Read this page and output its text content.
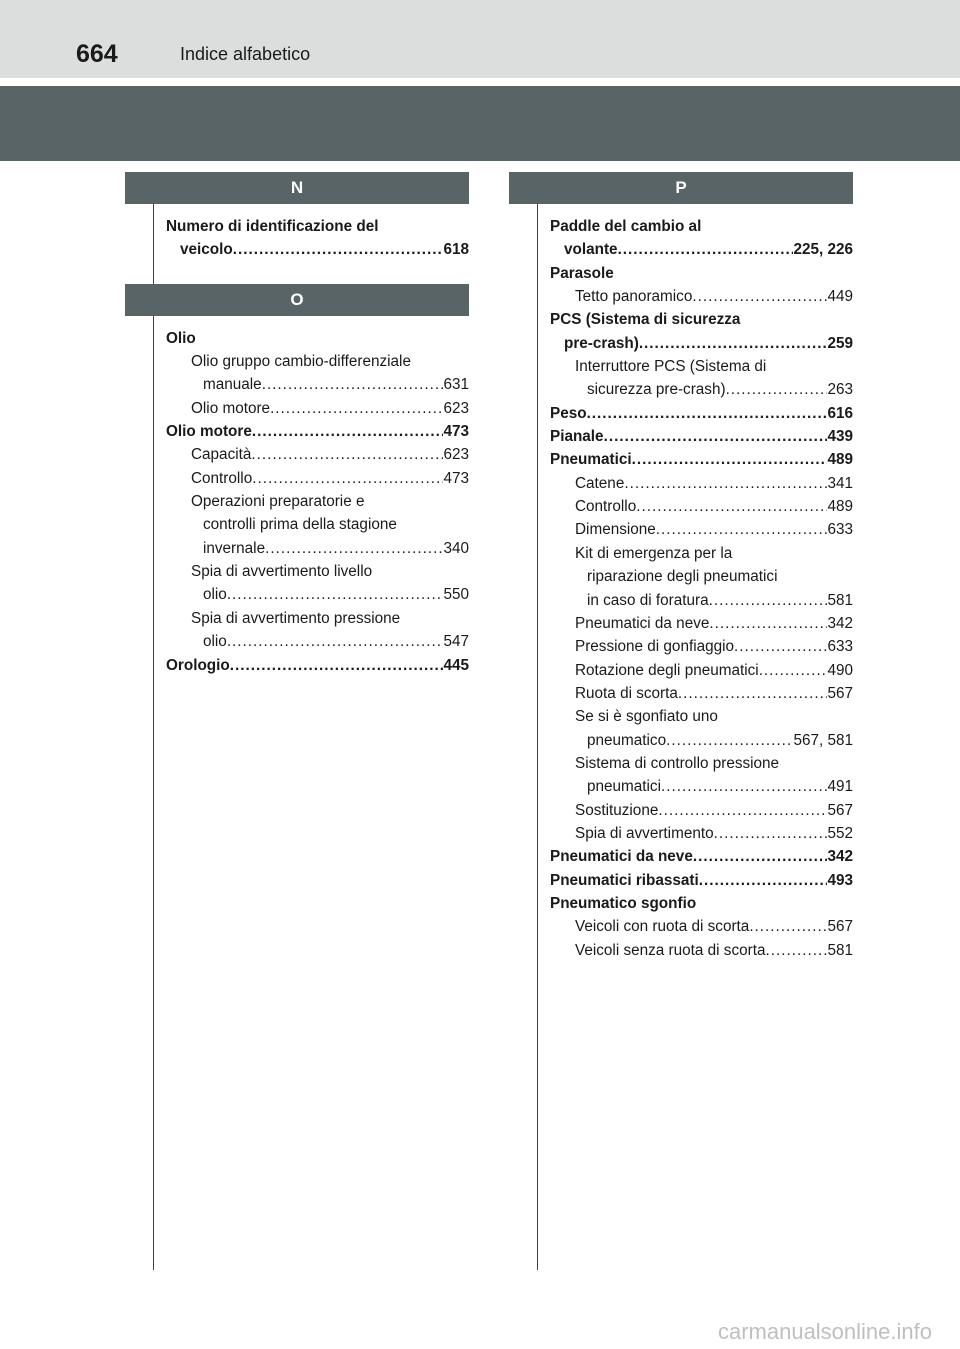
664	Indice alfabetico
N
Numero di identificazione del
veicolo .....	618
O
Olio
Olio gruppo cambio-differenziale
manuale .....	631
Olio motore .....	623
Olio motore .....	473
Capacità .....	623
Controllo .....	473
Operazioni preparatorie e
controlli prima della stagione
invernale .....	340
Spia di avvertimento livello
olio .....	550
Spia di avvertimento pressione
olio .....	547
Orologio .....	445
P
Paddle del cambio al
volante .....	225, 226
Parasole
Tetto panoramico .....	449
PCS (Sistema di sicurezza
pre-crash) .....	259
Interruttore PCS (Sistema di
sicurezza pre-crash) .....	263
Peso .....	616
Pianale .....	439
Pneumatici .....	489
Catene .....	341
Controllo .....	489
Dimensione .....	633
Kit di emergenza per la
riparazione degli pneumatici
in caso di foratura .....	581
Pneumatici da neve .....	342
Pressione di gonfiaggio .....	633
Rotazione degli pneumatici .....	490
Ruota di scorta .....	567
Se si è sgonfiato uno
pneumatico .....	567, 581
Sistema di controllo pressione
pneumatici .....	491
Sostituzione .....	567
Spia di avvertimento .....	552
Pneumatici da neve .....	342
Pneumatici ribassati .....	493
Pneumatico sgonfio
Veicoli con ruota di scorta .....	567
Veicoli senza ruota di scorta .....	581
carmanualsonline.info
